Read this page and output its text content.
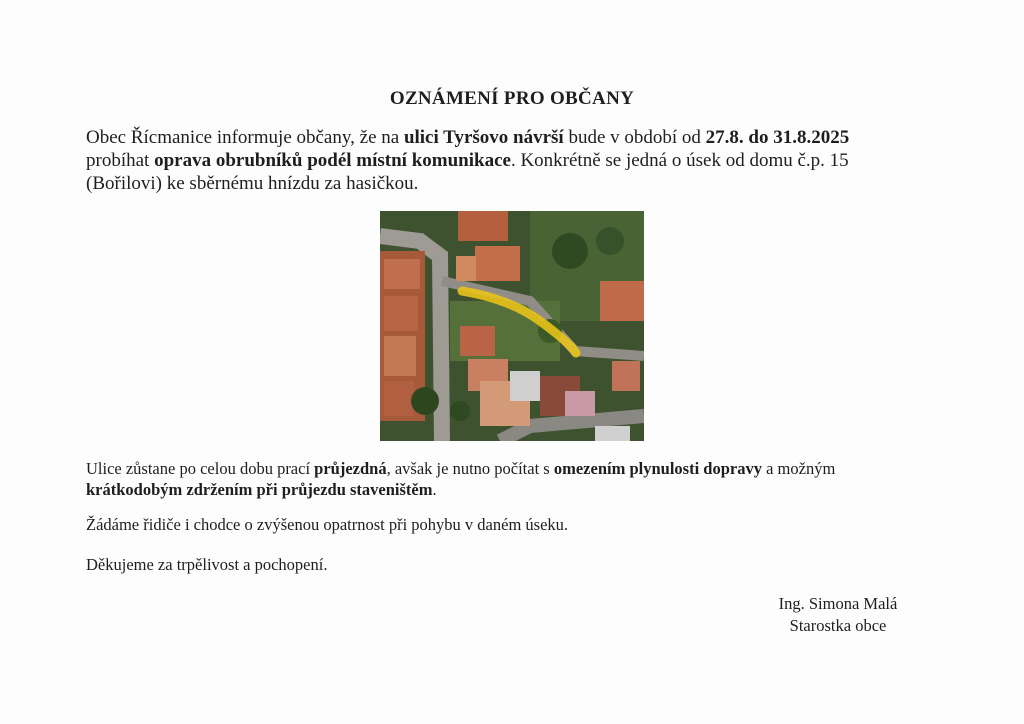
OZNÁMENÍ PRO OBČANY
Obec Řícmanice informuje občany, že na ulici Tyršovo návrší bude v období od 27.8. do 31.8.2025 probíhat oprava obrubníků podél místní komunikace. Konkrétně se jedná o úsek od domu č.p. 15 (Bořilovi) ke sběrnému hnízdu za hasičkou.
Ulice zůstane po celou dobu prací průjezdná, avšak je nutno počítat s omezením plynulosti dopravy a možným krátkodobým zdržením při průjezdu staveništěm.
Žádáme řidiče i chodce o zvýšenou opatrnost při pohybu v daném úseku.
Děkujeme za trpělivost a pochopení.
Ing. Simona Malá
Starostka obce
